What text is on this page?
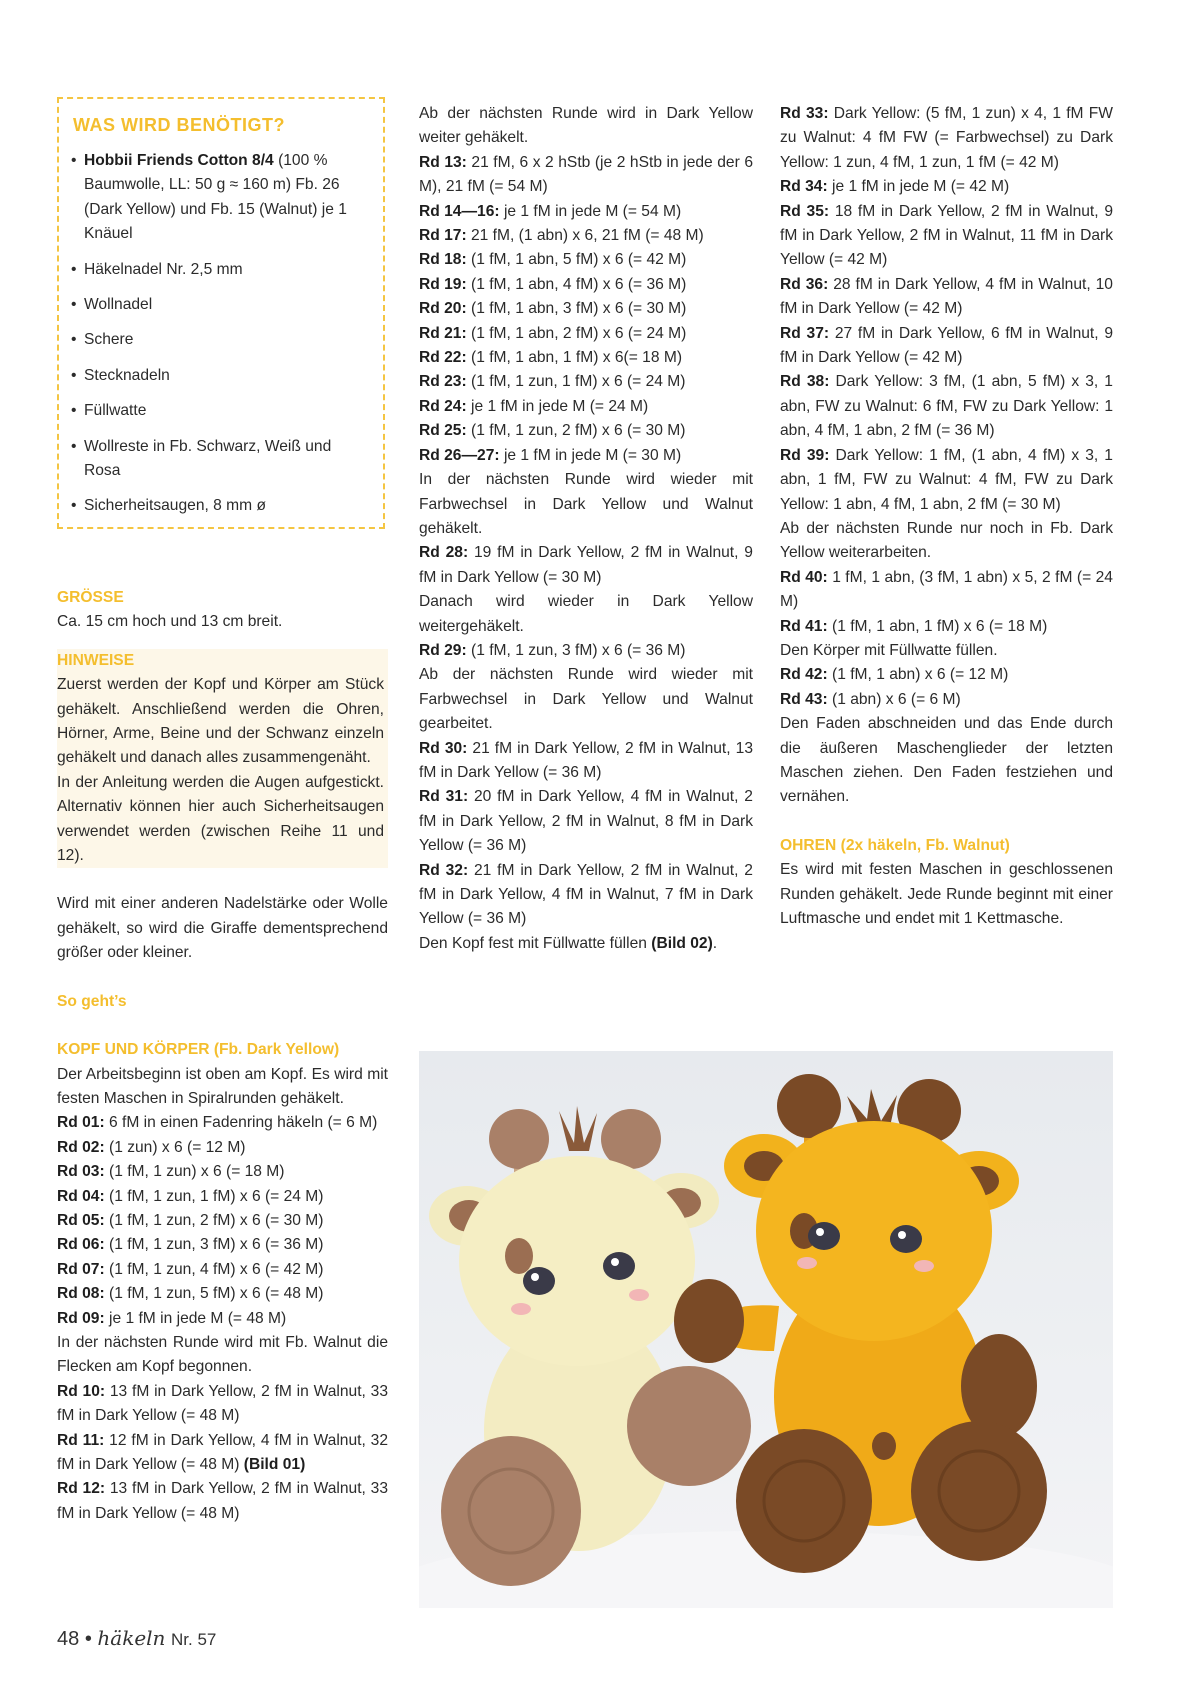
WAS WIRD BENÖTIGT?
• Hobbii Friends Cotton 8/4 (100 % Baumwolle, LL: 50 g ≈ 160 m) Fb. 26 (Dark Yellow) und Fb. 15 (Walnut) je 1 Knäuel
• Häkelnadel Nr. 2,5 mm
• Wollnadel
• Schere
• Stecknadeln
• Füllwatte
• Wollreste in Fb. Schwarz, Weiß und Rosa
• Sicherheitsaugen, 8 mm ø

GRÖSSE

Ca. 15 cm hoch und 13 cm breit.

HINWEISE

Zuerst werden der Kopf und Körper am Stück gehäkelt. Anschließend werden die Ohren, Hörner, Arme, Beine und der Schwanz einzeln gehäkelt und danach alles zusammengenäht.

In der Anleitung werden die Augen aufgestickt. Alternativ können hier auch Sicherheitsaugen verwendet werden (zwischen Reihe 11 und 12).

Wird mit einer anderen Nadelstärke oder Wolle gehäkelt, so wird die Giraffe dementsprechend größer oder kleiner.

So geht’s

KOPF UND KÖRPER (Fb. Dark Yellow)

Der Arbeitsbeginn ist oben am Kopf. Es wird mit festen Maschen in Spiralrunden gehäkelt.

Rd 01: 6 fM in einen Fadenring häkeln (= 6 M)

Rd 02: (1 zun) x 6 (= 12 M)

Rd 03: (1 fM, 1 zun) x 6 (= 18 M)

Rd 04: (1 fM, 1 zun, 1 fM) x 6 (= 24 M)

Rd 05: (1 fM, 1 zun, 2 fM) x 6 (= 30 M)

Rd 06: (1 fM, 1 zun, 3 fM) x 6 (= 36 M)

Rd 07: (1 fM, 1 zun, 4 fM) x 6 (= 42 M)

Rd 08: (1 fM, 1 zun, 5 fM) x 6 (= 48 M)

Rd 09: je 1 fM in jede M (= 48 M)

In der nächsten Runde wird mit Fb. Walnut die Flecken am Kopf begonnen.

Rd 10: 13 fM in Dark Yellow, 2 fM in Walnut, 33 fM in Dark Yellow (= 48 M)

Rd 11: 12 fM in Dark Yellow, 4 fM in Walnut, 32 fM in Dark Yellow (= 48 M) (Bild 01)

Rd 12: 13 fM in Dark Yellow, 2 fM in Walnut, 33 fM in Dark Yellow (= 48 M)

Ab der nächsten Runde wird in Dark Yellow weiter gehäkelt.

Rd 13: 21 fM, 6 x 2 hStb (je 2 hStb in jede der 6 M), 21 fM (= 54 M)

Rd 14—16: je 1 fM in jede M (= 54 M)

Rd 17: 21 fM, (1 abn) x 6, 21 fM (= 48 M)

Rd 18: (1 fM, 1 abn, 5 fM) x 6 (= 42 M)

Rd 19: (1 fM, 1 abn, 4 fM) x 6 (= 36 M)

Rd 20: (1 fM, 1 abn, 3 fM) x 6 (= 30 M)

Rd 21: (1 fM, 1 abn, 2 fM) x 6 (= 24 M)

Rd 22: (1 fM, 1 abn, 1 fM) x 6(= 18 M)

Rd 23: (1 fM, 1 zun, 1 fM) x 6 (= 24 M)

Rd 24: je 1 fM in jede M (= 24 M)

Rd 25: (1 fM, 1 zun, 2 fM) x 6 (= 30 M)

Rd 26—27: je 1 fM in jede M (= 30 M)

In der nächsten Runde wird wieder mit Farbwechsel in Dark Yellow und Walnut gehäkelt.

Rd 28: 19 fM in Dark Yellow, 2 fM in Walnut, 9 fM in Dark Yellow (= 30 M)

Danach wird wieder in Dark Yellow weitergehäkelt.

Rd 29: (1 fM, 1 zun, 3 fM) x 6 (= 36 M)

Ab der nächsten Runde wird wieder mit Farbwechsel in Dark Yellow und Walnut gearbeitet.

Rd 30: 21 fM in Dark Yellow, 2 fM in Walnut, 13 fM in Dark Yellow (= 36 M)

Rd 31: 20 fM in Dark Yellow, 4 fM in Walnut, 2 fM in Dark Yellow, 2 fM in Walnut, 8 fM in Dark Yellow (= 36 M)

Rd 32: 21 fM in Dark Yellow, 2 fM in Walnut, 2 fM in Dark Yellow, 4 fM in Walnut, 7 fM in Dark Yellow (= 36 M)

Den Kopf fest mit Füllwatte füllen (Bild 02).

Rd 33: Dark Yellow: (5 fM, 1 zun) x 4, 1 fM FW zu Walnut: 4 fM FW (= Farbwechsel) zu Dark Yellow: 1 zun, 4 fM, 1 zun, 1 fM (= 42 M)

Rd 34: je 1 fM in jede M (= 42 M)

Rd 35: 18 fM in Dark Yellow, 2 fM in Walnut, 9 fM in Dark Yellow, 2 fM in Walnut, 11 fM in Dark Yellow (= 42 M)

Rd 36: 28 fM in Dark Yellow, 4 fM in Walnut, 10 fM in Dark Yellow (= 42 M)

Rd 37: 27 fM in Dark Yellow, 6 fM in Walnut, 9 fM in Dark Yellow (= 42 M)

Rd 38: Dark Yellow: 3 fM, (1 abn, 5 fM) x 3, 1 abn, FW zu Walnut: 6 fM, FW zu Dark Yellow: 1 abn, 4 fM, 1 abn, 2 fM (= 36 M)

Rd 39: Dark Yellow: 1 fM, (1 abn, 4 fM) x 3, 1 abn, 1 fM, FW zu Walnut: 4 fM, FW zu Dark Yellow: 1 abn, 4 fM, 1 abn, 2 fM (= 30 M)

Ab der nächsten Runde nur noch in Fb. Dark Yellow weiterarbeiten.

Rd 40: 1 fM, 1 abn, (3 fM, 1 abn) x 5, 2 fM (= 24 M)

Rd 41: (1 fM, 1 abn, 1 fM) x 6 (= 18 M)

Den Körper mit Füllwatte füllen.

Rd 42: (1 fM, 1 abn) x 6 (= 12 M)

Rd 43: (1 abn) x 6 (= 6 M)

Den Faden abschneiden und das Ende durch die äußeren Maschenglieder der letzten Maschen ziehen. Den Faden festziehen und vernähen.

OHREN (2x häkeln, Fb. Walnut)

Es wird mit festen Maschen in geschlossenen Runden gehäkelt. Jede Runde beginnt mit einer Luftmasche und endet mit 1 Kettmasche.

48 • häkeln Nr. 57
